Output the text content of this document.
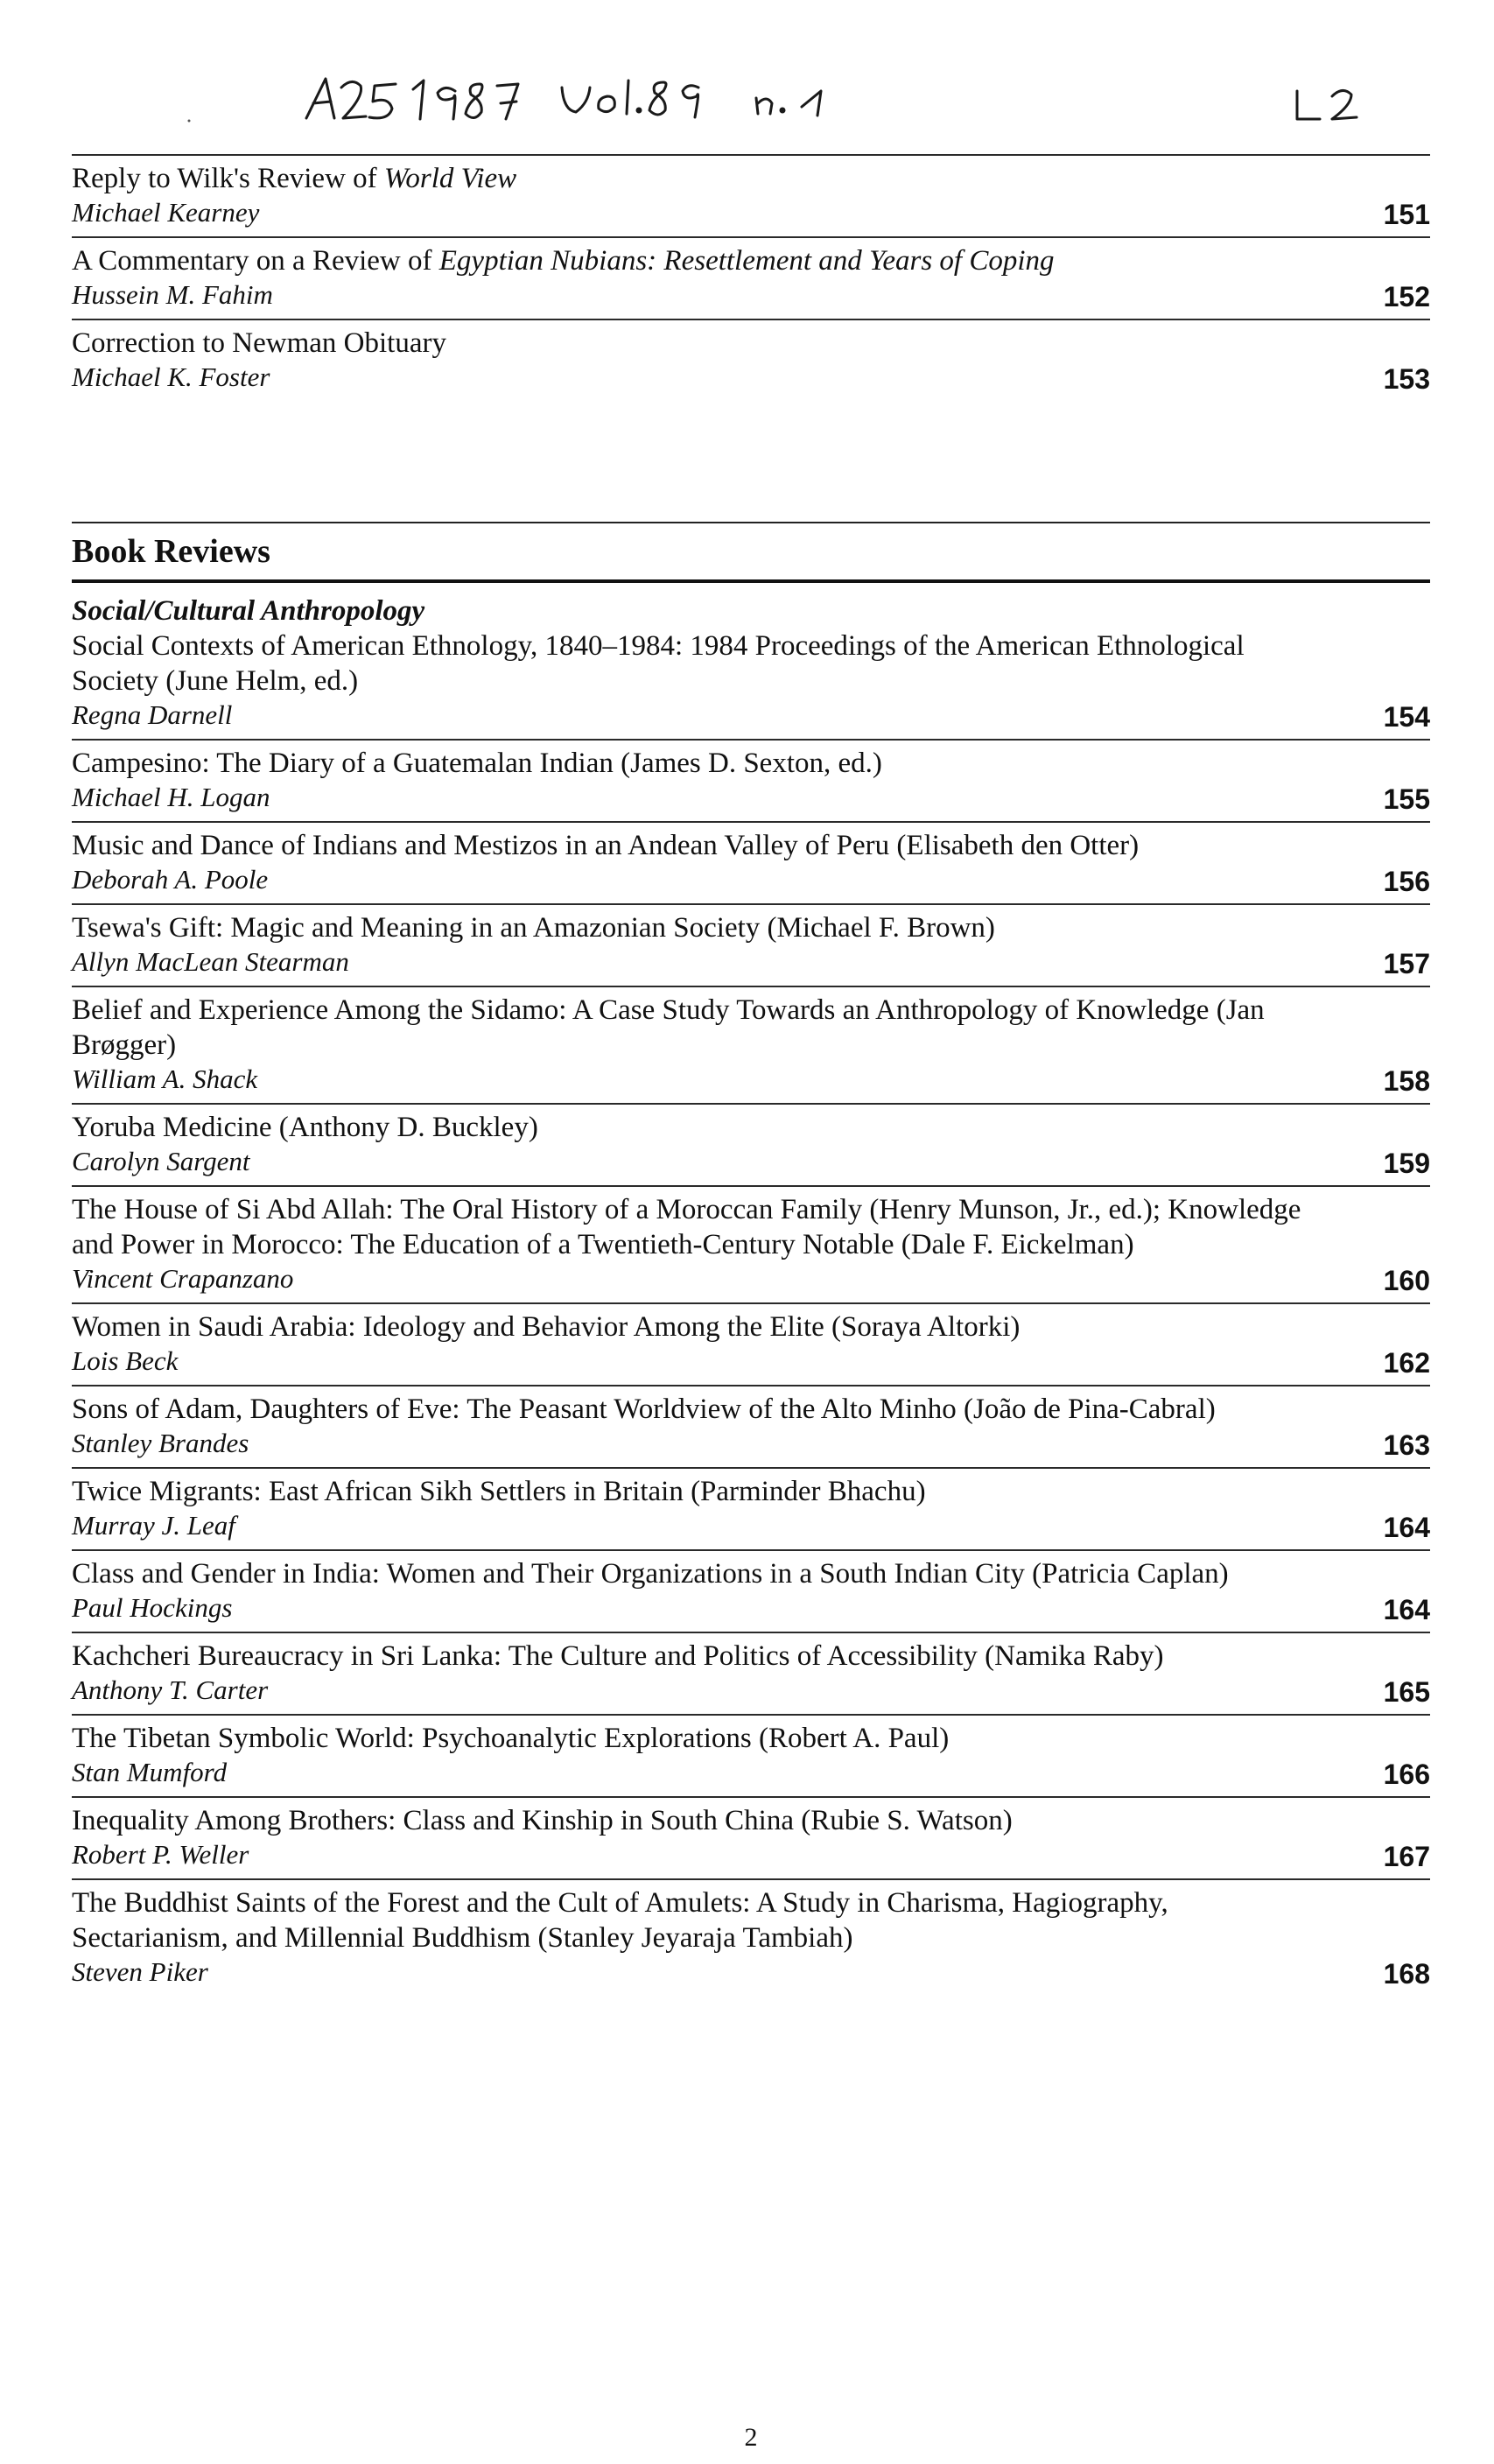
Reply to Wilk's Review of World View
Michael Kearney	151
A Commentary on a Review of Egyptian Nubians: Resettlement and Years of Coping
Hussein M. Fahim	152
Correction to Newman Obituary
Michael K. Foster	153
Book Reviews
Social/Cultural Anthropology
Social Contexts of American Ethnology, 1840–1984: 1984 Proceedings of the American Ethnological Society (June Helm, ed.)
Regna Darnell	154
Campesino: The Diary of a Guatemalan Indian (James D. Sexton, ed.)
Michael H. Logan	155
Music and Dance of Indians and Mestizos in an Andean Valley of Peru (Elisabeth den Otter)
Deborah A. Poole	156
Tsewa's Gift: Magic and Meaning in an Amazonian Society (Michael F. Brown)
Allyn MacLean Stearman	157
Belief and Experience Among the Sidamo: A Case Study Towards an Anthropology of Knowledge (Jan Brøgger)
William A. Shack	158
Yoruba Medicine (Anthony D. Buckley)
Carolyn Sargent	159
The House of Si Abd Allah: The Oral History of a Moroccan Family (Henry Munson, Jr., ed.); Knowledge and Power in Morocco: The Education of a Twentieth-Century Notable (Dale F. Eickelman)
Vincent Crapanzano	160
Women in Saudi Arabia: Ideology and Behavior Among the Elite (Soraya Altorki)
Lois Beck	162
Sons of Adam, Daughters of Eve: The Peasant Worldview of the Alto Minho (João de Pina-Cabral)
Stanley Brandes	163
Twice Migrants: East African Sikh Settlers in Britain (Parminder Bhachu)
Murray J. Leaf	164
Class and Gender in India: Women and Their Organizations in a South Indian City (Patricia Caplan)
Paul Hockings	164
Kachcheri Bureaucracy in Sri Lanka: The Culture and Politics of Accessibility (Namika Raby)
Anthony T. Carter	165
The Tibetan Symbolic World: Psychoanalytic Explorations (Robert A. Paul)
Stan Mumford	166
Inequality Among Brothers: Class and Kinship in South China (Rubie S. Watson)
Robert P. Weller	167
The Buddhist Saints of the Forest and the Cult of Amulets: A Study in Charisma, Hagiography, Sectarianism, and Millennial Buddhism (Stanley Jeyaraja Tambiah)
Steven Piker	168
2
